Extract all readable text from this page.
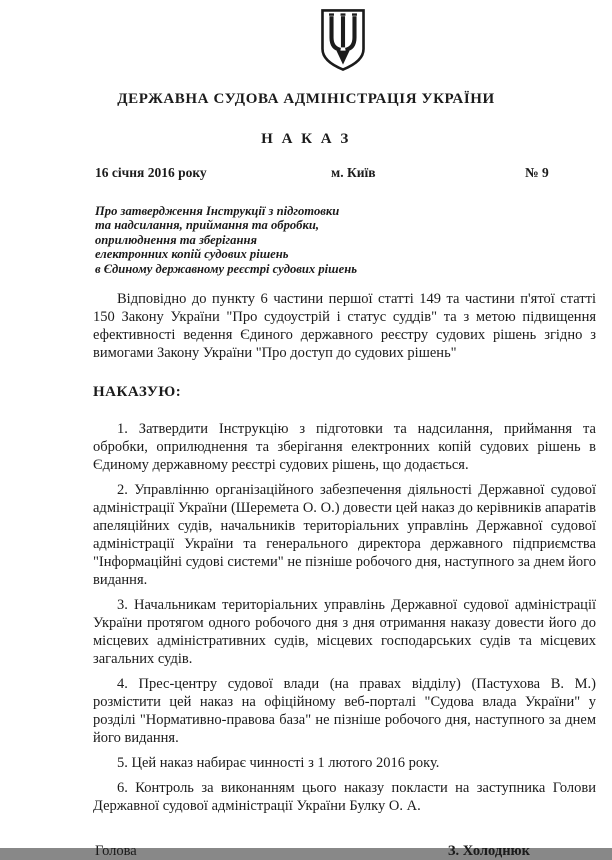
ДЕРЖАВНА СУДОВА АДМІНІСТРАЦІЯ УКРАЇНИ
Н А К А З
16 січня 2016 року	м. Київ	№ 9
Про затвердження Інструкції з підготовки
та надсилання, приймання та обробки,
оприлюднення та зберігання
електронних копій судових рішень
в Єдиному державному реєстрі судових рішень

Відповідно до пункту 6 частини першої статті 149 та частини п'ятої статті 150 Закону України "Про судоустрій і статус суддів" та з метою підвищення ефективності ведення Єдиного державного реєстру судових рішень згідно з вимогами Закону України "Про доступ до судових рішень"

НАКАЗУЮ:

1. Затвердити Інструкцію з підготовки та надсилання, приймання та обробки, оприлюднення та зберігання електронних копій судових рішень в Єдиному державному реєстрі судових рішень, що додається.

2. Управлінню організаційного забезпечення діяльності Державної судової адміністрації України (Шеремета О. О.) довести цей наказ до керівників апаратів апеляційних судів, начальників територіальних управлінь Державної судової адміністрації України та генерального директора державного підприємства "Інформаційні судові системи" не пізніше робочого дня, наступного за днем його видання.

3. Начальникам територіальних управлінь Державної судової адміністрації України протягом одного робочого дня з дня отримання наказу довести його до місцевих адміністративних судів, місцевих господарських судів та місцевих загальних судів.

4. Прес-центру судової влади (на правах відділу) (Пастухова В. М.) розмістити цей наказ на офіційному веб-порталі "Судова влада України" у розділі "Нормативно-правова база" не пізніше робочого дня, наступного за днем його видання.

5. Цей наказ набирає чинності з 1 лютого 2016 року.

6. Контроль за виконанням цього наказу покласти на заступника Голови Державної судової адміністрації України Булку О. А.

Голова	З. Холоднюк
